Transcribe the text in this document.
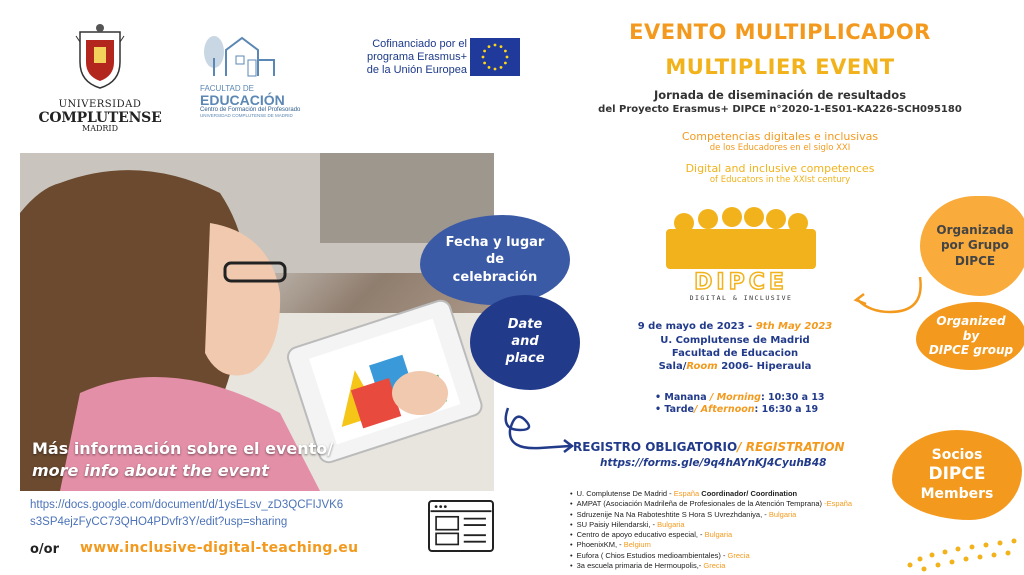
UNIVERSIDAD
COMPLUTENSE
MADRID
FACULTAD DE
EDUCACIÓN
Centro de Formación del Profesorado
UNIVERSIDAD COMPLUTENSE DE MADRID
Cofinanciado por el
programa Erasmus+
de la Unión Europea
EVENTO MULTIPLICADOR
MULTIPLIER EVENT
Jornada de diseminación de resultados
del Proyecto Erasmus+ DIPCE n°2020-1-ES01-KA226-SCH095180
Competencias digitales e inclusivas
de los Educadores en el siglo XXI
Digital and inclusive competences
of Educators in the XXIst century
Más información sobre el evento/
more info about the event
Fecha y lugar
de
celebración
Date
and
place
https://docs.google.com/document/d/1ysELsv_zD3QCFIJVK6
s3SP4ejzFyCC73QHO4PDvfr3Y/edit?usp=sharing
o/or www.inclusive-digital-teaching.eu
DIPCE
DIGITAL & INCLUSIVE
9 de mayo de 2023 - 9th May 2023
U. Complutense de Madrid
Facultad de Educacion
Sala/Room 2006- Hiperaula
• Manana / Morning: 10:30 a 13
• Tarde/ Afternoon: 16:30 a 19
REGISTRO OBLIGATORIO/ REGISTRATION
https://forms.gle/9q4hAYnKJ4CyuhB48
• U. Complutense De Madrid - España Coordinador/ Coordination
• AMPAT (Asociación Madrileña de Profesionales de la Atención Temprana) -España
• Sdruzenije Na Na Raboteshtite S Hora S Uvrezhdaniya, - Bulgaria
• SU Paisiy Hilendarski, - Bulgaria
• Centro de apoyo educativo especial, - Bulgaria
• PhoenixKM, - Belgium
• Eufora ( Chios Estudios medioambientales) - Grecia
• 3a escuela primaria de Hermoupolis,- Grecia
Organizada
por Grupo
DIPCE
Organized
by
DIPCE group
Socios
DIPCE
Members
